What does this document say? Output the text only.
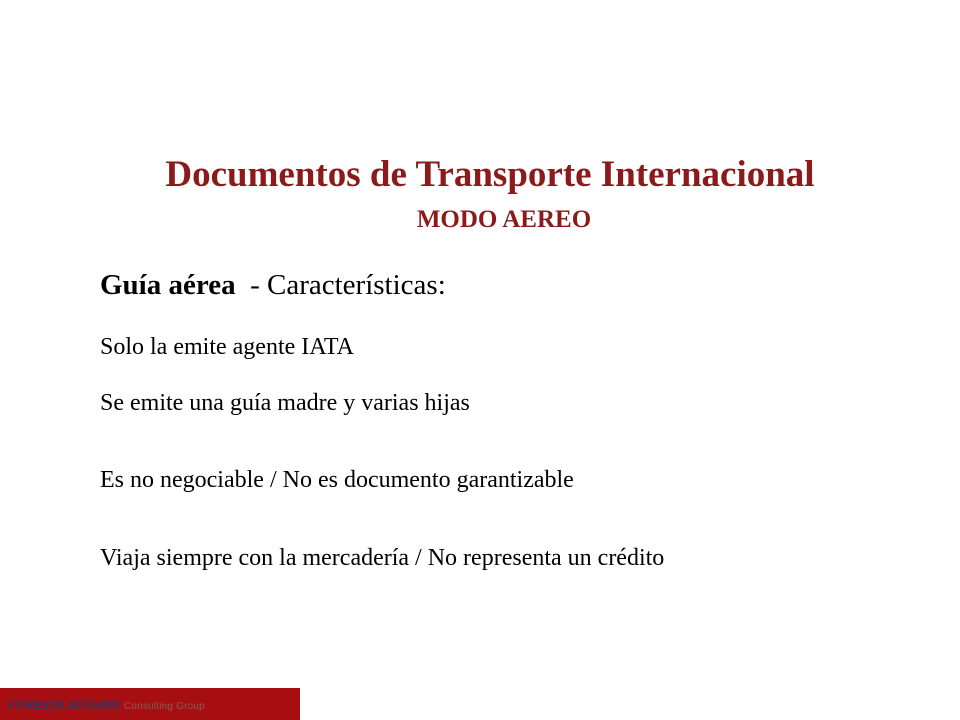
Documentos de Transporte Internacional
MODO AEREO
Guía aérea  - Características:
Solo la emite agente IATA
Se emite una guía madre y varias hijas
Es no negociable / No es documento garantizable
Viaja siempre con la mercadería / No representa un crédito
FOREIGN AFFAIRS Consulting Group
